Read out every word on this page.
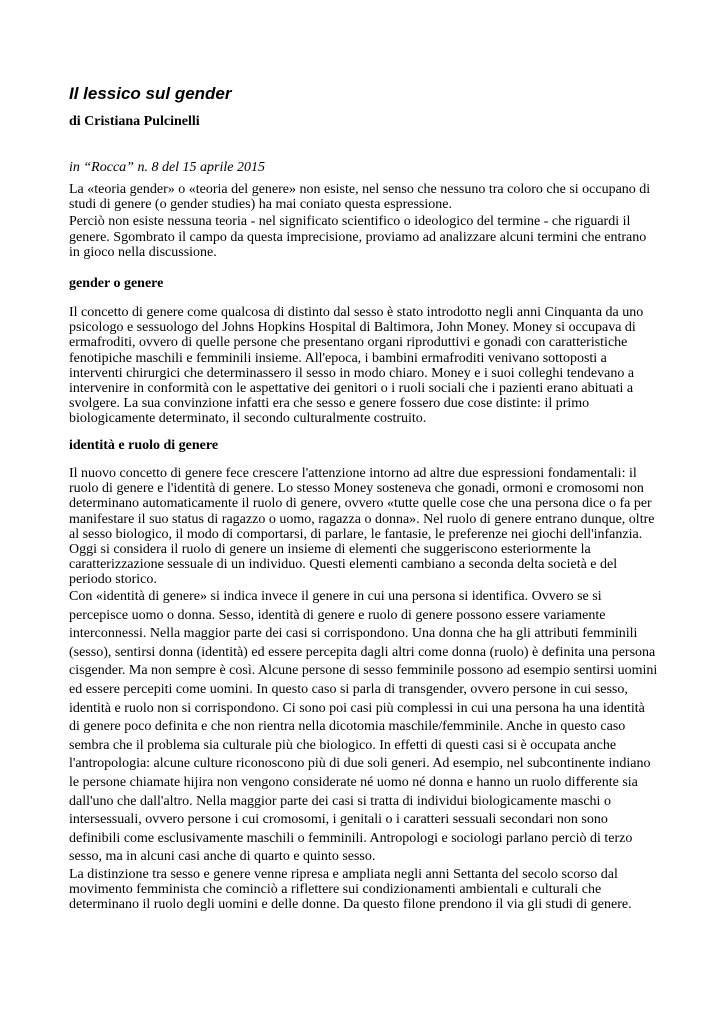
Il lessico sul gender
di Cristiana Pulcinelli
in “Rocca” n. 8 del 15 aprile 2015

La «teoria gender» o «teoria del genere» non esiste, nel senso che nessuno tra coloro che si occupano di studi di genere (o gender studies) ha mai coniato questa espressione.

Perciò non esiste nessuna teoria - nel significato scientifico o ideologico del termine - che riguardi il genere. Sgombrato il campo da questa imprecisione, proviamo ad analizzare alcuni termini che entrano in gioco nella discussione.

gender o genere

Il concetto di genere come qualcosa di distinto dal sesso è stato introdotto negli anni Cinquanta da uno psicologo e sessuologo del Johns Hopkins Hospital di Baltimora, John Money. Money si occupava di ermafroditi, ovvero di quelle persone che presentano organi riproduttivi e gonadi con caratteristiche fenotipiche maschili e femminili insieme. All'epoca, i bambini ermafroditi venivano sottoposti a interventi chirurgici che determinassero il sesso in modo chiaro. Money e i suoi colleghi tendevano a intervenire in conformità con le aspettative dei genitori o i ruoli sociali che i pazienti erano abituati a svolgere. La sua convinzione infatti era che sesso e genere fossero due cose distinte: il primo biologicamente determinato, il secondo culturalmente costruito.

identità e ruolo di genere

Il nuovo concetto di genere fece crescere l'attenzione intorno ad altre due espressioni fondamentali: il ruolo di genere e l'identità di genere. Lo stesso Money sosteneva che gonadi, ormoni e cromosomi non determinano automaticamente il ruolo di genere, ovvero «tutte quelle cose che una persona dice o fa per manifestare il suo status di ragazzo o uomo, ragazza o donna». Nel ruolo di genere entrano dunque, oltre al sesso biologico, il modo di comportarsi, di parlare, le fantasie, le preferenze nei giochi dell'infanzia. Oggi si considera il ruolo di genere un insieme di elementi che suggeriscono esteriormente la caratterizzazione sessuale di un individuo. Questi elementi cambiano a seconda delta società e del periodo storico.

Con «identità di genere» si indica invece il genere in cui una persona si identifica. Ovvero se si percepisce uomo o donna. Sesso, identità di genere e ruolo di genere possono essere variamente interconnessi. Nella maggior parte dei casi si corrispondono. Una donna che ha gli attributi femminili (sesso), sentirsi donna (identità) ed essere percepita dagli altri come donna (ruolo) è definita una persona cisgender. Ma non sempre è così. Alcune persone di sesso femminile possono ad esempio sentirsi uomini ed essere percepiti come uomini. In questo caso si parla di transgender, ovvero persone in cui sesso, identità e ruolo non si corrispondono. Ci sono poi casi più complessi in cui una persona ha una identità di genere poco definita e che non rientra nella dicotomia maschile/femminile. Anche in questo caso sembra che il problema sia culturale più che biologico. In effetti di questi casi si è occupata anche l'antropologia: alcune culture riconoscono più di due soli generi. Ad esempio, nel subcontinente indiano le persone chiamate hijira non vengono considerate né uomo né donna e hanno un ruolo differente sia dall'uno che dall'altro. Nella maggior parte dei casi si tratta di individui biologicamente maschi o intersessuali, ovvero persone i cui cromosomi, i genitali o i caratteri sessuali secondari non sono definibili come esclusivamente maschili o femminili. Antropologi e sociologi parlano perciò di terzo sesso, ma in alcuni casi anche di quarto e quinto sesso.

La distinzione tra sesso e genere venne ripresa e ampliata negli anni Settanta del secolo scorso dal movimento femminista che cominciò a riflettere sui condizionamenti ambientali e culturali che determinano il ruolo degli uomini e delle donne. Da questo filone prendono il via gli studi di genere.
